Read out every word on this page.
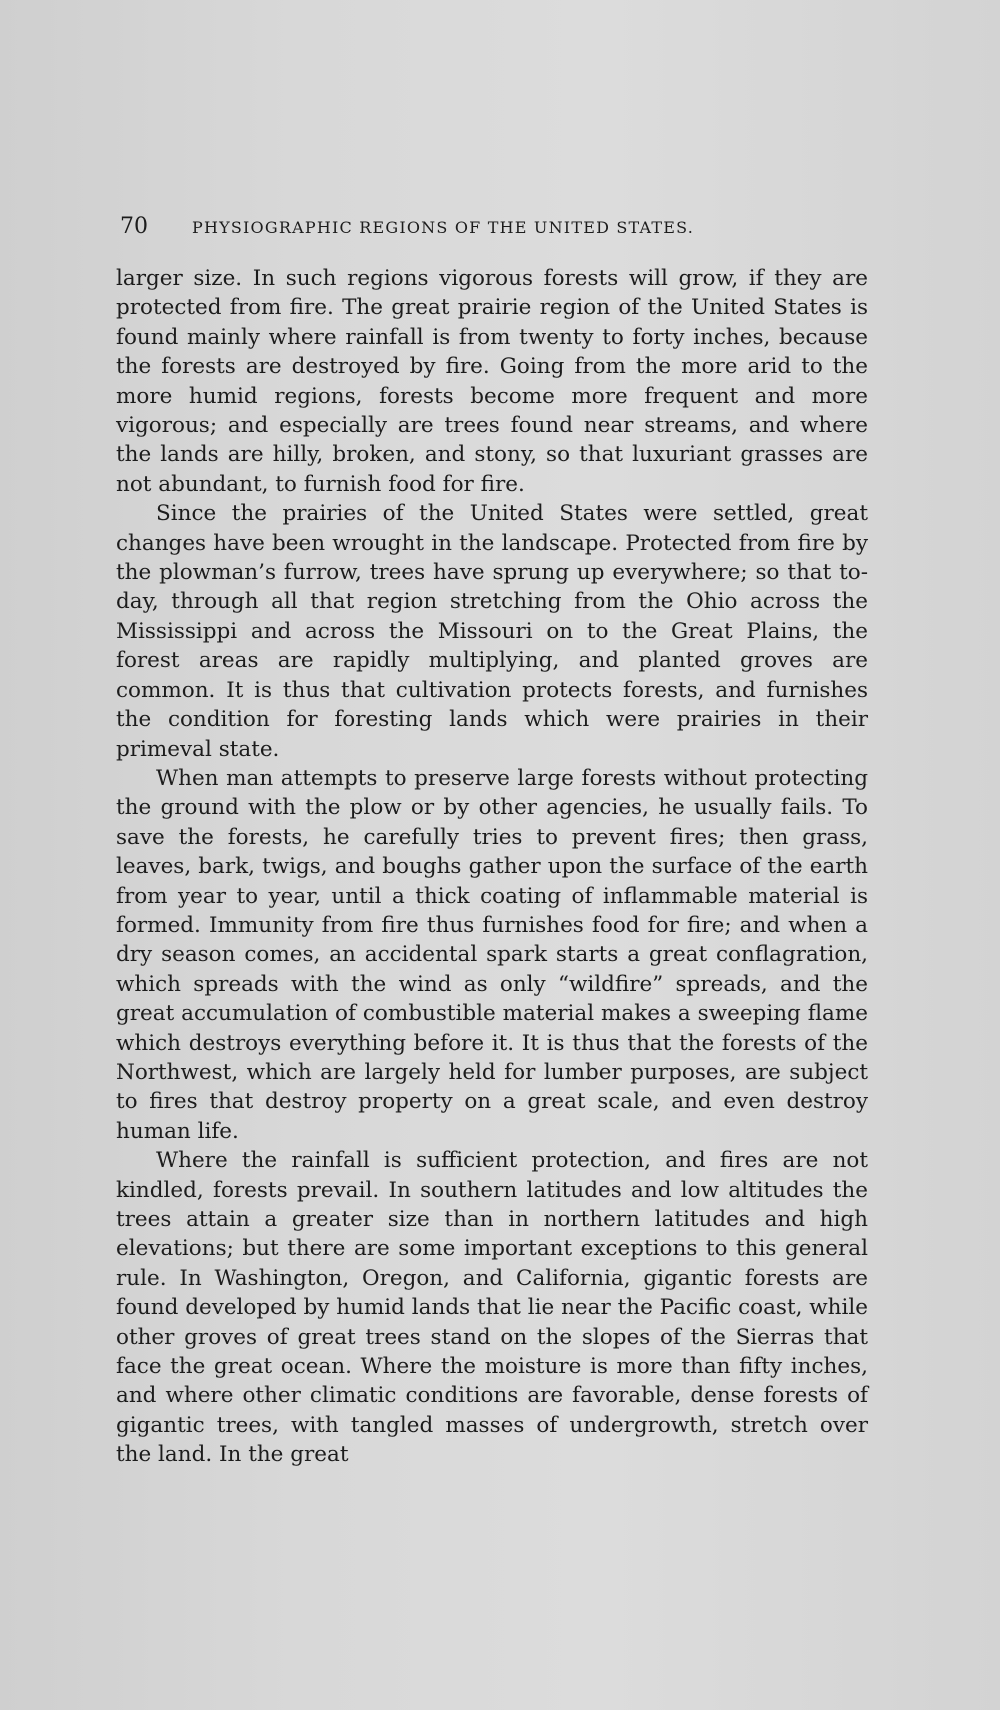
70	PHYSIOGRAPHIC REGIONS OF THE UNITED STATES.

larger size. In such regions vigorous forests will grow, if they are protected from fire. The great prairie region of the United States is found mainly where rainfall is from twenty to forty inches, because the forests are destroyed by fire. Going from the more arid to the more humid regions, forests become more frequent and more vigorous; and especially are trees found near streams, and where the lands are hilly, broken, and stony, so that luxuriant grasses are not abundant, to furnish food for fire.

Since the prairies of the United States were settled, great changes have been wrought in the landscape. Protected from fire by the plowman’s furrow, trees have sprung up everywhere; so that to-day, through all that region stretching from the Ohio across the Mississippi and across the Missouri on to the Great Plains, the forest areas are rapidly multiplying, and planted groves are common. It is thus that cultivation protects forests, and furnishes the condition for foresting lands which were prairies in their primeval state.

When man attempts to preserve large forests without protecting the ground with the plow or by other agencies, he usually fails. To save the forests, he carefully tries to prevent fires; then grass, leaves, bark, twigs, and boughs gather upon the surface of the earth from year to year, until a thick coating of inflammable material is formed. Immunity from fire thus furnishes food for fire; and when a dry season comes, an accidental spark starts a great conflagration, which spreads with the wind as only “wildfire” spreads, and the great accumulation of combustible material makes a sweeping flame which destroys everything before it. It is thus that the forests of the Northwest, which are largely held for lumber purposes, are subject to fires that destroy property on a great scale, and even destroy human life.

Where the rainfall is sufficient protection, and fires are not kindled, forests prevail. In southern latitudes and low altitudes the trees attain a greater size than in northern latitudes and high elevations; but there are some important exceptions to this general rule. In Washington, Oregon, and California, gigantic forests are found developed by humid lands that lie near the Pacific coast, while other groves of great trees stand on the slopes of the Sierras that face the great ocean. Where the moisture is more than fifty inches, and where other climatic conditions are favorable, dense forests of gigantic trees, with tangled masses of undergrowth, stretch over the land. In the great
